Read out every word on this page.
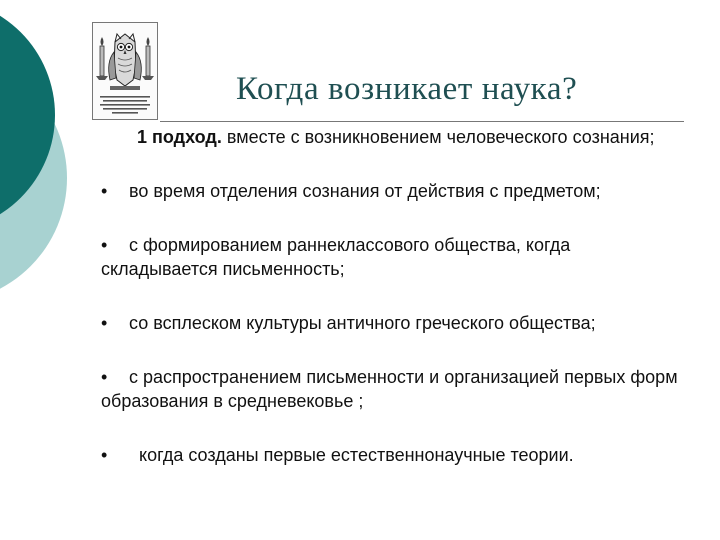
Когда возникает наука?

1 подход. вместе с возникновением человеческого сознания;

• во время отделения сознания от действия с предметом;

• с формированием раннеклассового общества, когда складывается письменность;

• со всплеском культуры античного греческого общества;

• с распространением письменности и организацией первых форм образования в средневековье ;

• когда созданы первые естественнонаучные теории.
